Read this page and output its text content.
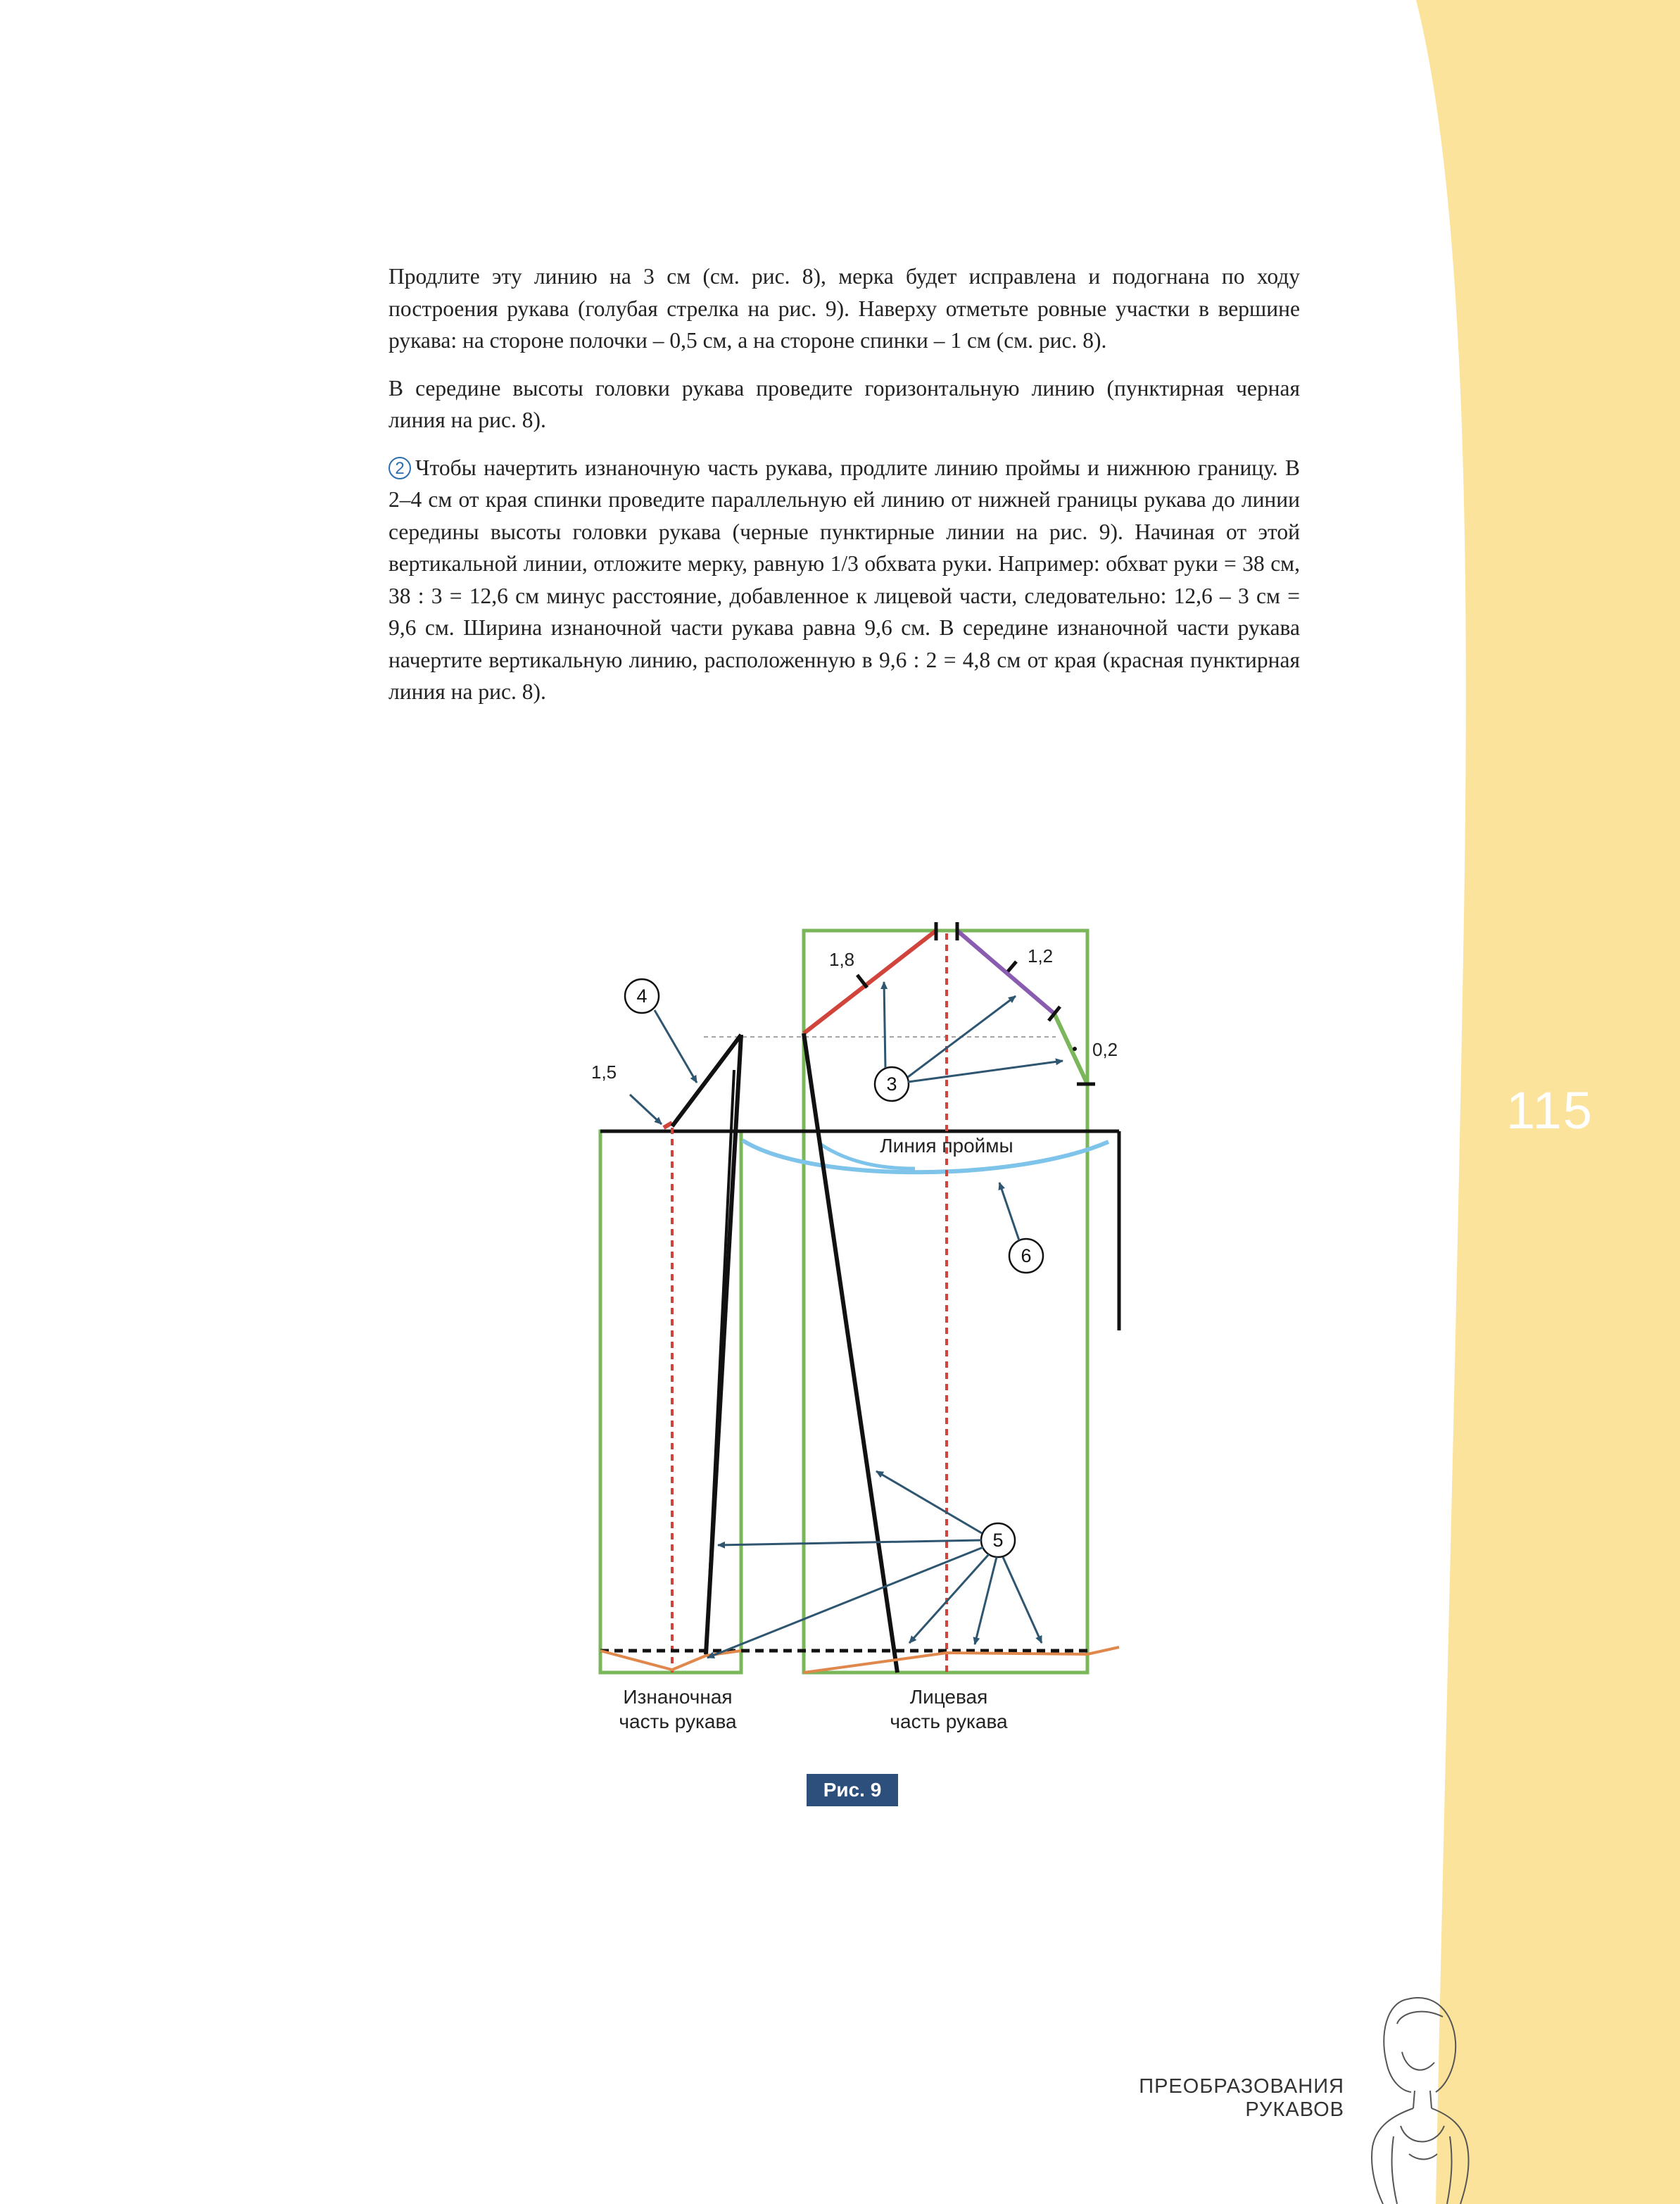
115

Продлите эту линию на 3 см (см. рис. 8), мерка будет исправлена и подогнана по ходу построения рукава (голубая стрелка на рис. 9). Наверху отметьте ровные участки в вершине рукава: на стороне полочки – 0,5 см, а на стороне спинки – 1 см (см. рис. 8).

В середине высоты головки рукава проведите горизонтальную линию (пунктирная черная линия на рис. 8).

2 Чтобы начертить изнаночную часть рукава, продлите линию проймы и нижнюю границу. В 2–4 см от края спинки проведите параллельную ей линию от нижней границы рукава до линии середины высоты головки рукава (черные пунктирные линии на рис. 9). Начиная от этой вертикальной линии, отложите мерку, равную 1/3 обхвата руки. Например: обхват руки = 38 см, 38 : 3 = 12,6 см минус расстояние, добавленное к лицевой части, следовательно: 12,6 – 3 см = 9,6 см. Ширина изнаночной части рукава равна 9,6 см. В середине изнаночной части рукава начертите вертикальную линию, расположенную в 9,6 : 2 = 4,8 см от края (красная пунктирная линия на рис. 8).

3
4
5
6
1,8	1,2
0,2
1,5
Линия проймы
Изнаночная
часть рукава
Лицевая
часть рукава
Рис. 9
ПРЕОБРАЗОВАНИЯ РУКАВОВ
